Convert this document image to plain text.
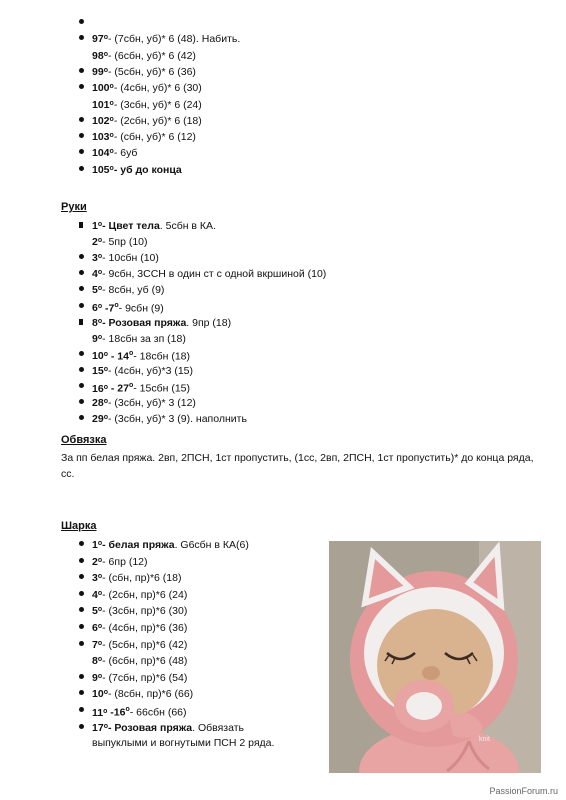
$97^о-$ (7сбн, уб)* 6 (48). Набить.
$98^о-$ (6сбн, уб)* 6 (42)
$99^о-$ (5сбн, уб)* 6 (36)
$100^о-$ (4сбн, уб)* 6 (30)
$101^о-$ (3сбн, уб)* 6 (24)
$102^о-$ (2сбн, уб)* 6 (18)
$103^о-$ (сбн, уб)* 6 (12)
$104^о-$ 6уб
$105^о-$ уб до конца
Руки
$1^о-$ Цвет тела. 5сбн в КА.
$2^о-$ 5пр (10)
$3^о-$ 10сбн (10)
$4^о-$ 9сбн, 3ССН в один ст с одной вкршиной (10)
$5^о-$ 8сбн, уб (9)
$6^о$ $-7^о-$ 9сбн (9)
$8^о-$ Розовая пряжа. 9пр (18)
$9^о-$ 18сбн за зп (18)
$10^о - 14^о-$ 18сбн (18)
$15^о-$ (4сбн, уб)*3 (15)
$16^о - 27^о-$ 15сбн (15)
$28^о-$ (3сбн, уб)* 3 (12)
$29^о-$ (3сбн, уб)* 3 (9). наполнить
Обвязка
За пп белая пряжа. 2вп, 2ПСН, 1ст пропустить, (1сс, 2вп, 2ПСН, 1ст пропустить)* до конца ряда, сс.
Шарка
$1^о-$ белая пряжа. G6сбн в КА(6)
$2^о-$ 6пр (12)
$3^о-$ (сбн, пр)*6 (18)
$4^о-$ (2сбн, пр)*6 (24)
$5^о-$ (3сбн, пр)*6 (30)
$6^о-$ (4сбн, пр)*6 (36)
$7^о-$ (5сбн, пр)*6 (42)
$8^о-$ (6сбн, пр)*6 (48)
$9^о-$ (7сбн, пр)*6 (54)
$10^о-$ (8сбн, пр)*6 (66)
$11^о$ $-16^о-$ 66сбн (66)
$17^о-$ Розовая пряжа. Обвязать
выпуклыми и вогнутыми ПСН 2 ряда.	knit
PassionForum.ru
